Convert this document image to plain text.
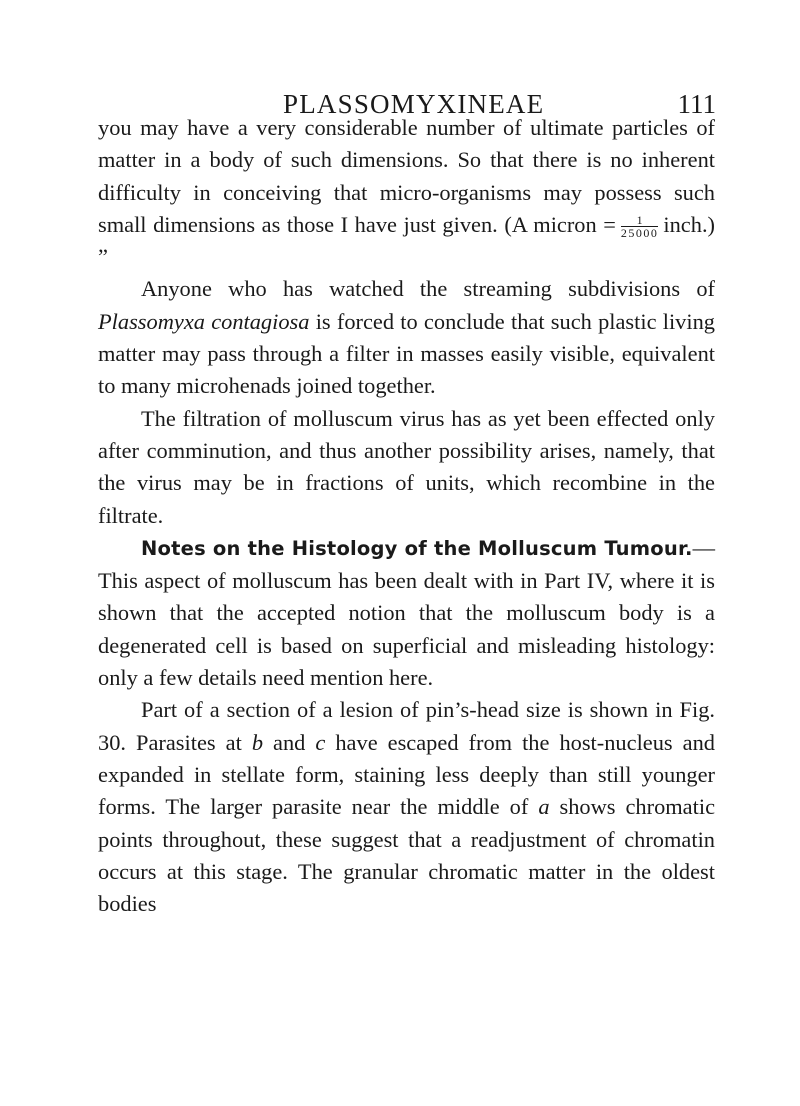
PLASSOMYXINEAE	111

you may have a very considerable number of ultimate particles of matter in a body of such dimensions. So that there is no inherent difficulty in conceiving that micro-organisms may possess such small dimensions as those I have just given. (A micron = $\frac{1}{25000}$ inch.) ”

Anyone who has watched the streaming subdivisions of Plassomyxa contagiosa is forced to conclude that such plastic living matter may pass through a filter in masses easily visible, equivalent to many microhenads joined together.

The filtration of molluscum virus has as yet been effected only after comminution, and thus another possibility arises, namely, that the virus may be in fractions of units, which recombine in the filtrate.

Notes on the Histology of the Molluscum Tumour.—This aspect of molluscum has been dealt with in Part IV, where it is shown that the accepted notion that the molluscum body is a degenerated cell is based on superficial and misleading histology: only a few details need mention here.

Part of a section of a lesion of pin’s-head size is shown in Fig. 30. Parasites at b and c have escaped from the host-nucleus and expanded in stellate form, staining less deeply than still younger forms. The larger parasite near the middle of a shows chromatic points throughout, these suggest that a readjustment of chromatin occurs at this stage. The granular chromatic matter in the oldest bodies
